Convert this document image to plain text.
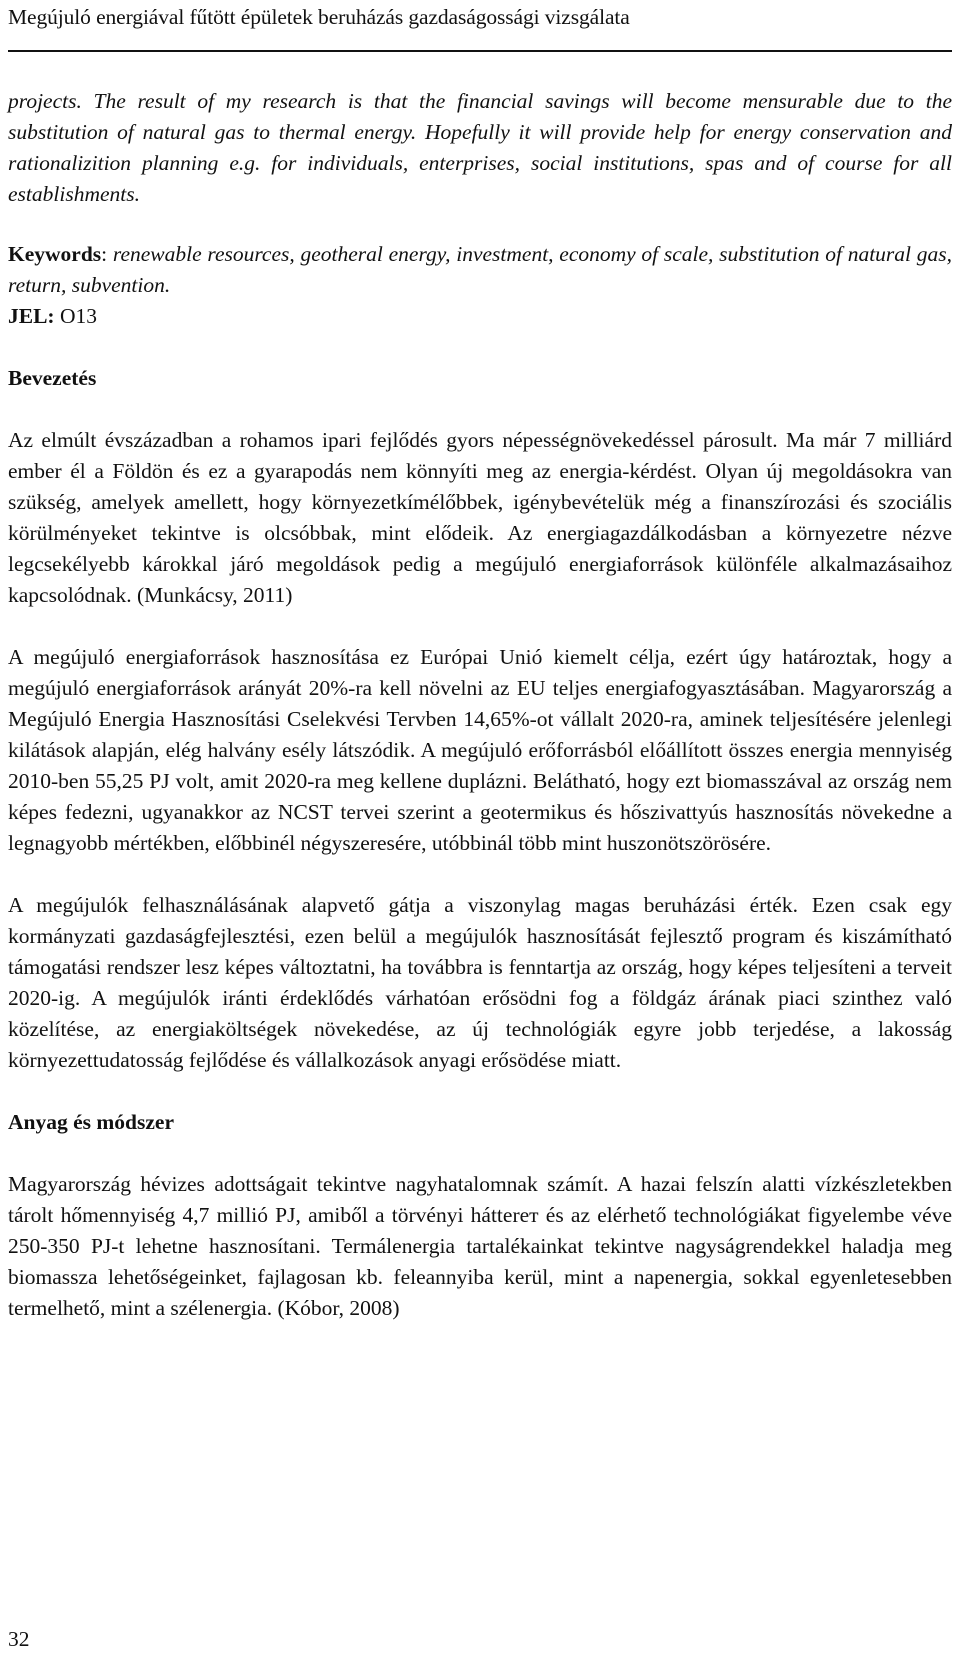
Megújuló energiával fűtött épületek beruházás gazdaságossági vizsgálata

projects. The result of my research is that the financial savings will become mensurable due to the substitution of natural gas to thermal energy. Hopefully it will provide help for energy conservation and rationalizition planning e.g. for individuals, enterprises, social institutions, spas and of course for all establishments.

Keywords: renewable resources, geotheral energy, investment, economy of scale, substitution of natural gas, return, subvention.

JEL: O13

Bevezetés

Az elmúlt évszázadban a rohamos ipari fejlődés gyors népességnövekedéssel párosult. Ma már 7 milliárd ember él a Földön és ez a gyarapodás nem könnyíti meg az energia-kérdést. Olyan új megoldásokra van szükség, amelyek amellett, hogy környezetkímélőbbek, igénybevételük még a finanszírozási és szociális körülményeket tekintve is olcsóbbak, mint elődeik. Az energiagazdálkodásban a környezetre nézve legcsekélyebb károkkal járó megoldások pedig a megújuló energiaforrások különféle alkalmazásaihoz kapcsolódnak. (Munkácsy, 2011)

A megújuló energiaforrások hasznosítása ez Európai Unió kiemelt célja, ezért úgy határoztak, hogy a megújuló energiaforrások arányát 20%-ra kell növelni az EU teljes energiafogyasztásában. Magyarország a Megújuló Energia Hasznosítási Cselekvési Tervben 14,65%-ot vállalt 2020-ra, aminek teljesítésére jelenlegi kilátások alapján, elég halvány esély látszódik. A megújuló erőforrásból előállított összes energia mennyiség 2010-ben 55,25 PJ volt, amit 2020-ra meg kellene duplázni. Belátható, hogy ezt biomasszával az ország nem képes fedezni, ugyanakkor az NCST tervei szerint a geotermikus és hőszivattyús hasznosítás növekedne a legnagyobb mértékben, előbbinél négyszeresére, utóbbinál több mint huszonötszörösére.

A megújulók felhasználásának alapvető gátja a viszonylag magas beruházási érték. Ezen csak egy kormányzati gazdaságfejlesztési, ezen belül a megújulók hasznosítását fejlesztő program és kiszámítható támogatási rendszer lesz képes változtatni, ha továbbra is fenntartja az ország, hogy képes teljesíteni a terveit 2020-ig. A megújulók iránti érdeklődés várhatóan erősödni fog a földgáz árának piaci szinthez való közelítése, az energiaköltségek növekedése, az új technológiák egyre jobb terjedése, a lakosság környezettudatosság fejlődése és vállalkozások anyagi erősödése miatt.

Anyag és módszer

Magyarország hévizes adottságait tekintve nagyhatalomnak számít. A hazai felszín alatti vízkészletekben tárolt hőmennyiség 4,7 millió PJ, amiből a törvényi háttereт és az elérhető technológiákat figyelembe véve 250-350 PJ-t lehetne hasznosítani. Termálenergia tartalékainkat tekintve nagyságrendekkel haladja meg biomassza lehetőségeinket, fajlagosan kb. feleannyiba kerül, mint a napenergia, sokkal egyenletesebben termelhető, mint a szélenergia. (Kóbor, 2008)

32
